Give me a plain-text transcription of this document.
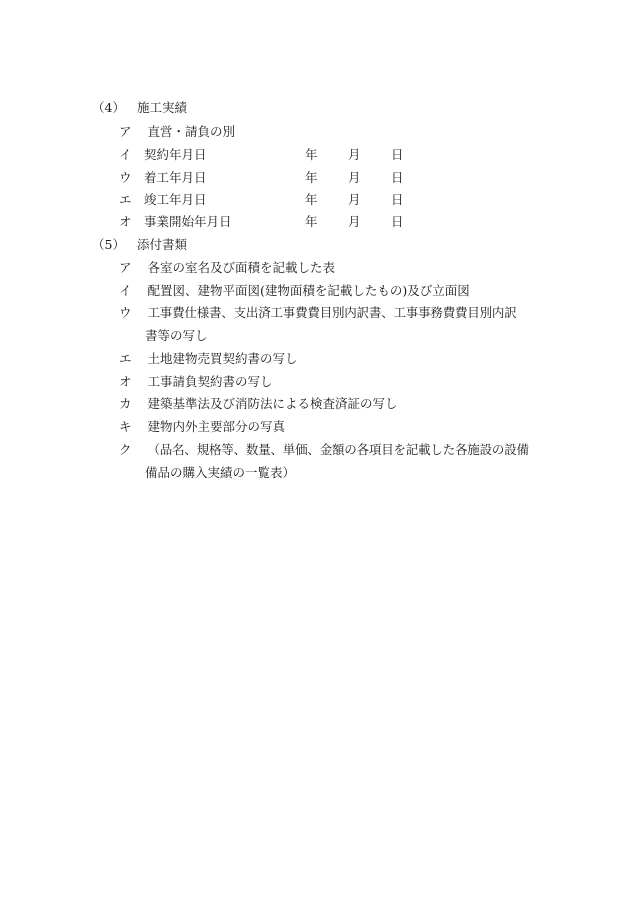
（4） 施工実績
ア 直営・請負の別
イ 契約年月日	年 月 日
ウ 着工年月日	年 月 日
エ 竣工年月日	年 月 日
オ 事業開始年月日	年 月 日
（5） 添付書類
ア 各室の室名及び面積を記載した表
イ 配置図、建物平面図(建物面積を記載したもの)及び立面図
ウ 工事費仕様書、支出済工事費費目別内訳書、工事事務費費目別内訳
書等の写し
エ 土地建物売買契約書の写し
オ 工事請負契約書の写し
カ 建築基準法及び消防法による検査済証の写し
キ 建物内外主要部分の写真
ク （品名、規格等、数量、単価、金額の各項目を記載した各施設の設備
備品の購入実績の一覧表）
